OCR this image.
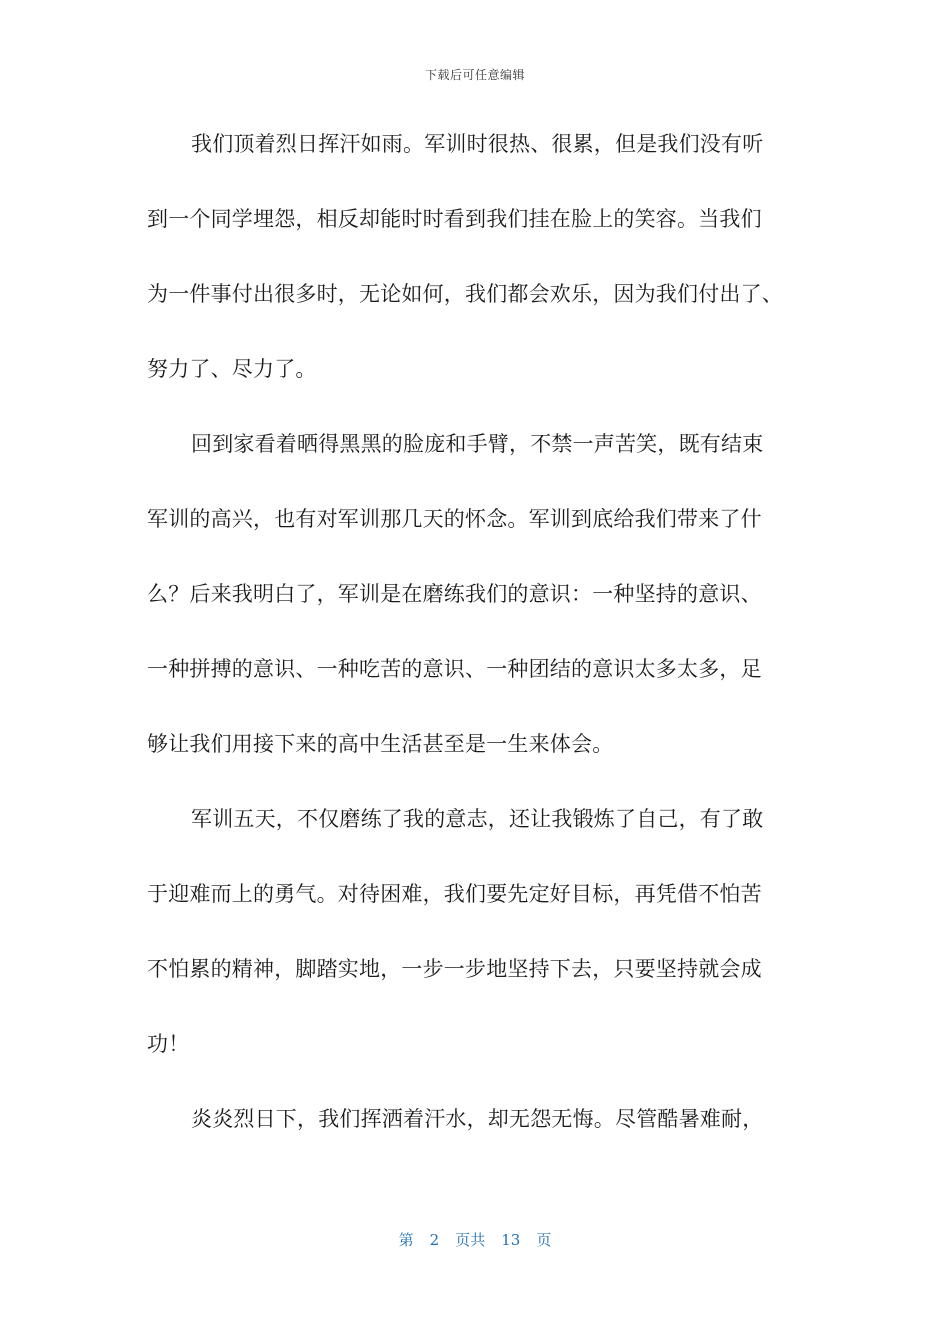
下载后可任意编辑
我们顶着烈日挥汗如雨。军训时很热、很累，但是我们没有听
到一个同学埋怨，相反却能时时看到我们挂在脸上的笑容。当我们
为一件事付出很多时，无论如何，我们都会欢乐，因为我们付出了、
努力了、尽力了。
回到家看着晒得黑黑的脸庞和手臂，不禁一声苦笑，既有结束
军训的高兴，也有对军训那几天的怀念。军训到底给我们带来了什
么？后来我明白了，军训是在磨练我们的意识：一种坚持的意识、
一种拼搏的意识、一种吃苦的意识、一种团结的意识太多太多，足
够让我们用接下来的高中生活甚至是一生来体会。
军训五天，不仅磨练了我的意志，还让我锻炼了自己，有了敢
于迎难而上的勇气。对待困难，我们要先定好目标，再凭借不怕苦
不怕累的精神，脚踏实地，一步一步地坚持下去，只要坚持就会成
功！
炎炎烈日下，我们挥洒着汗水，却无怨无悔。尽管酷暑难耐，
第 2 页共 13 页
